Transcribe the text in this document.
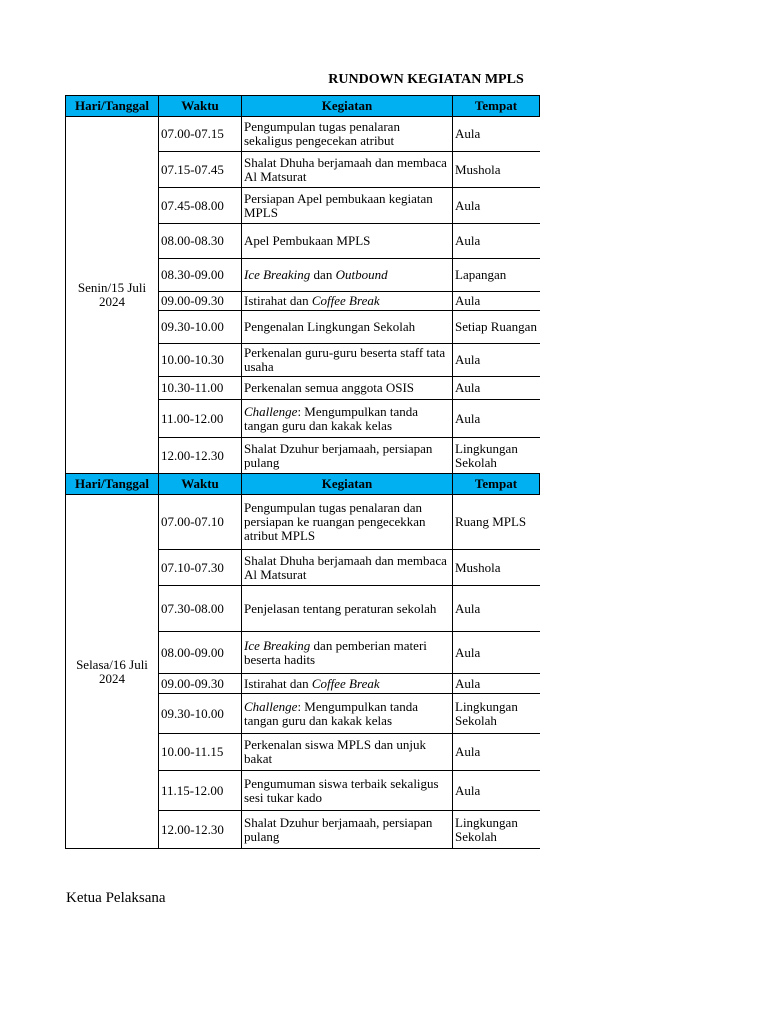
RUNDOWN KEGIATAN MPLS
Hari/Tanggal	Waktu	Kegiatan	Tempat
Senin/15 Juli 2024	07.00-07.15	Pengumpulan tugas penalaran sekaligus pengecekan atribut	Aula
	07.15-07.45	Shalat Dhuha berjamaah dan membaca Al Matsurat	Mushola
	07.45-08.00	Persiapan Apel pembukaan kegiatan MPLS	Aula
	08.00-08.30	Apel Pembukaan MPLS	Aula
	08.30-09.00	Ice Breaking dan Outbound	Lapangan
	09.00-09.30	Istirahat dan Coffee Break	Aula
	09.30-10.00	Pengenalan Lingkungan Sekolah	Setiap Ruangan
	10.00-10.30	Perkenalan guru-guru beserta staff tata usaha	Aula
	10.30-11.00	Perkenalan semua anggota OSIS	Aula
	11.00-12.00	Challenge: Mengumpulkan tanda tangan guru dan kakak kelas	Aula
	12.00-12.30	Shalat Dzuhur berjamaah, persiapan pulang	Lingkungan Sekolah
Hari/Tanggal	Waktu	Kegiatan	Tempat
Selasa/16 Juli 2024	07.00-07.10	Pengumpulan tugas penalaran dan persiapan ke ruangan pengecekkan atribut MPLS	Ruang MPLS
	07.10-07.30	Shalat Dhuha berjamaah dan membaca Al Matsurat	Mushola
	07.30-08.00	Penjelasan tentang peraturan sekolah	Aula
	08.00-09.00	Ice Breaking dan pemberian materi beserta hadits	Aula
	09.00-09.30	Istirahat dan Coffee Break	Aula
	09.30-10.00	Challenge: Mengumpulkan tanda tangan guru dan kakak kelas	Lingkungan Sekolah
	10.00-11.15	Perkenalan siswa MPLS dan unjuk bakat	Aula
	11.15-12.00	Pengumuman siswa terbaik sekaligus sesi tukar kado	Aula
	12.00-12.30	Shalat Dzuhur berjamaah, persiapan pulang	Lingkungan Sekolah
Ketua Pelaksana
